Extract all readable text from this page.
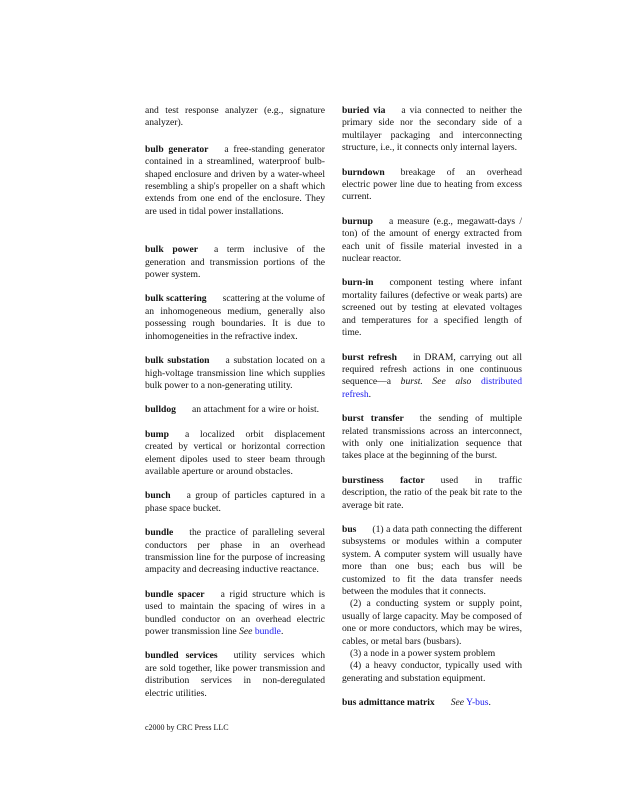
and test response analyzer (e.g., signature analyzer).

bulb generator a free-standing generator contained in a streamlined, waterproof bulb-shaped enclosure and driven by a water-wheel resembling a ship's propeller on a shaft which extends from one end of the enclosure. They are used in tidal power installations.

bulk power a term inclusive of the generation and transmission portions of the power system.

bulk scattering scattering at the volume of an inhomogeneous medium, generally also possessing rough boundaries. It is due to inhomogeneities in the refractive index.

bulk substation a substation located on a high-voltage transmission line which supplies bulk power to a non-generating utility.

bulldog an attachment for a wire or hoist.

bump a localized orbit displacement created by vertical or horizontal correction element dipoles used to steer beam through available aperture or around obstacles.

bunch a group of particles captured in a phase space bucket.

bundle the practice of paralleling several conductors per phase in an overhead transmission line for the purpose of increasing ampacity and decreasing inductive reactance.

bundle spacer a rigid structure which is used to maintain the spacing of wires in a bundled conductor on an overhead electric power transmission line See bundle.

bundled services utility services which are sold together, like power transmission and distribution services in non-deregulated electric utilities.

buried via a via connected to neither the primary side nor the secondary side of a multilayer packaging and interconnecting structure, i.e., it connects only internal layers.

burndown breakage of an overhead electric power line due to heating from excess current.

burnup a measure (e.g., megawatt-days / ton) of the amount of energy extracted from each unit of fissile material invested in a nuclear reactor.

burn-in component testing where infant mortality failures (defective or weak parts) are screened out by testing at elevated voltages and temperatures for a specified length of time.

burst refresh in DRAM, carrying out all required refresh actions in one continuous sequence—a burst. See also distributed refresh.

burst transfer the sending of multiple related transmissions across an interconnect, with only one initialization sequence that takes place at the beginning of the burst.

burstiness factor used in traffic description, the ratio of the peak bit rate to the average bit rate.

bus (1) a data path connecting the different subsystems or modules within a computer system. A computer system will usually have more than one bus; each bus will be customized to fit the data transfer needs between the modules that it connects.

(2) a conducting system or supply point, usually of large capacity. May be composed of one or more conductors, which may be wires, cables, or metal bars (busbars).

(3) a node in a power system problem

(4) a heavy conductor, typically used with generating and substation equipment.

bus admittance matrix See Y-bus.

c2000 by CRC Press LLC
